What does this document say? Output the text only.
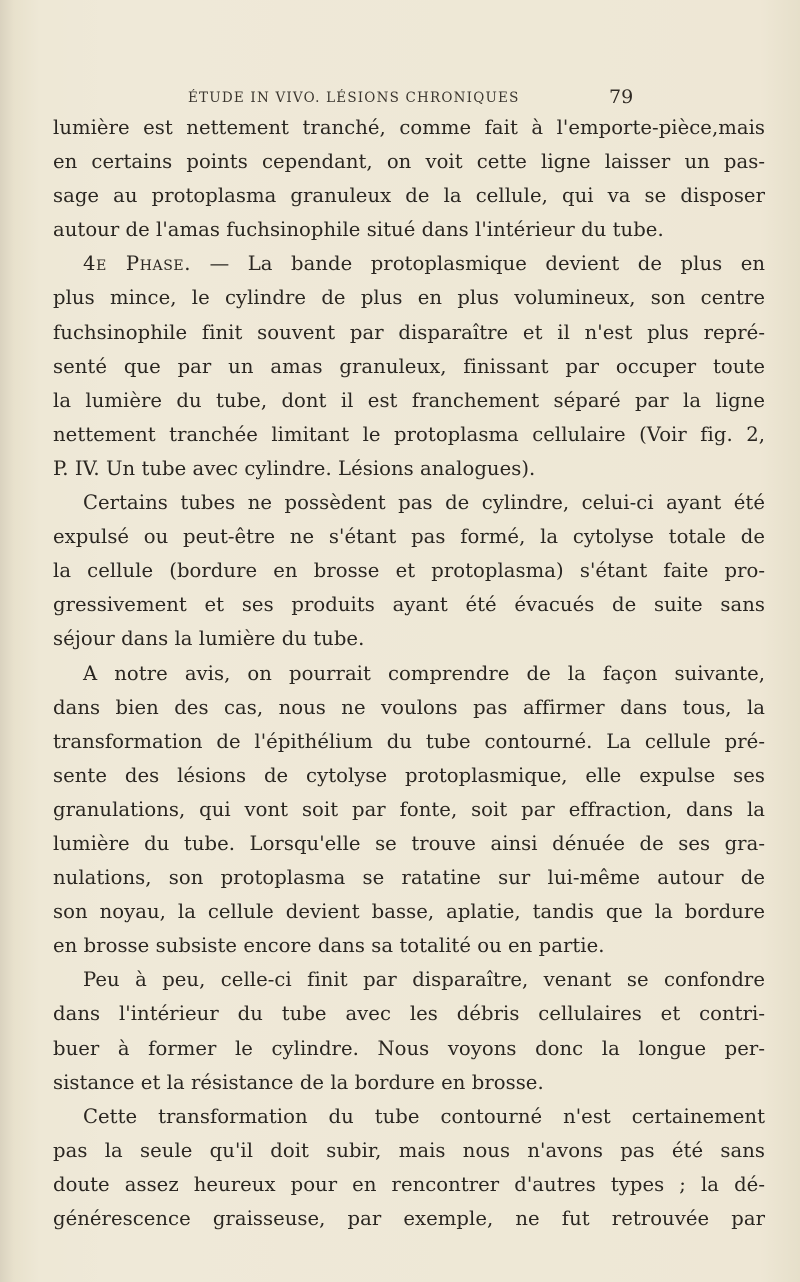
ÉTUDE IN VIVO. LÉSIONS CHRONIQUES	79
lumière est nettement tranché, comme fait à l'emporte-pièce,mais
en certains points cependant, on voit cette ligne laisser un pas-
sage au protoplasma granuleux de la cellule, qui va se disposer
autour de l'amas fuchsinophile situé dans l'intérieur du tube.
4e Phase. — La bande protoplasmique devient de plus en
plus mince, le cylindre de plus en plus volumineux, son centre
fuchsinophile finit souvent par disparaître et il n'est plus repré-
senté que par un amas granuleux, finissant par occuper toute
la lumière du tube, dont il est franchement séparé par la ligne
nettement tranchée limitant le protoplasma cellulaire (Voir fig. 2,
P. IV. Un tube avec cylindre. Lésions analogues).
Certains tubes ne possèdent pas de cylindre, celui-ci ayant été
expulsé ou peut-être ne s'étant pas formé, la cytolyse totale de
la cellule (bordure en brosse et protoplasma) s'étant faite pro-
gressivement et ses produits ayant été évacués de suite sans
séjour dans la lumière du tube.
A notre avis, on pourrait comprendre de la façon suivante,
dans bien des cas, nous ne voulons pas affirmer dans tous, la
transformation de l'épithélium du tube contourné. La cellule pré-
sente des lésions de cytolyse protoplasmique, elle expulse ses
granulations, qui vont soit par fonte, soit par effraction, dans la
lumière du tube. Lorsqu'elle se trouve ainsi dénuée de ses gra-
nulations, son protoplasma se ratatine sur lui-même autour de
son noyau, la cellule devient basse, aplatie, tandis que la bordure
en brosse subsiste encore dans sa totalité ou en partie.
Peu à peu, celle-ci finit par disparaître, venant se confondre
dans l'intérieur du tube avec les débris cellulaires et contri-
buer à former le cylindre. Nous voyons donc la longue per-
sistance et la résistance de la bordure en brosse.
Cette transformation du tube contourné n'est certainement
pas la seule qu'il doit subir, mais nous n'avons pas été sans
doute assez heureux pour en rencontrer d'autres types ; la dé-
générescence graisseuse, par exemple, ne fut retrouvée par
